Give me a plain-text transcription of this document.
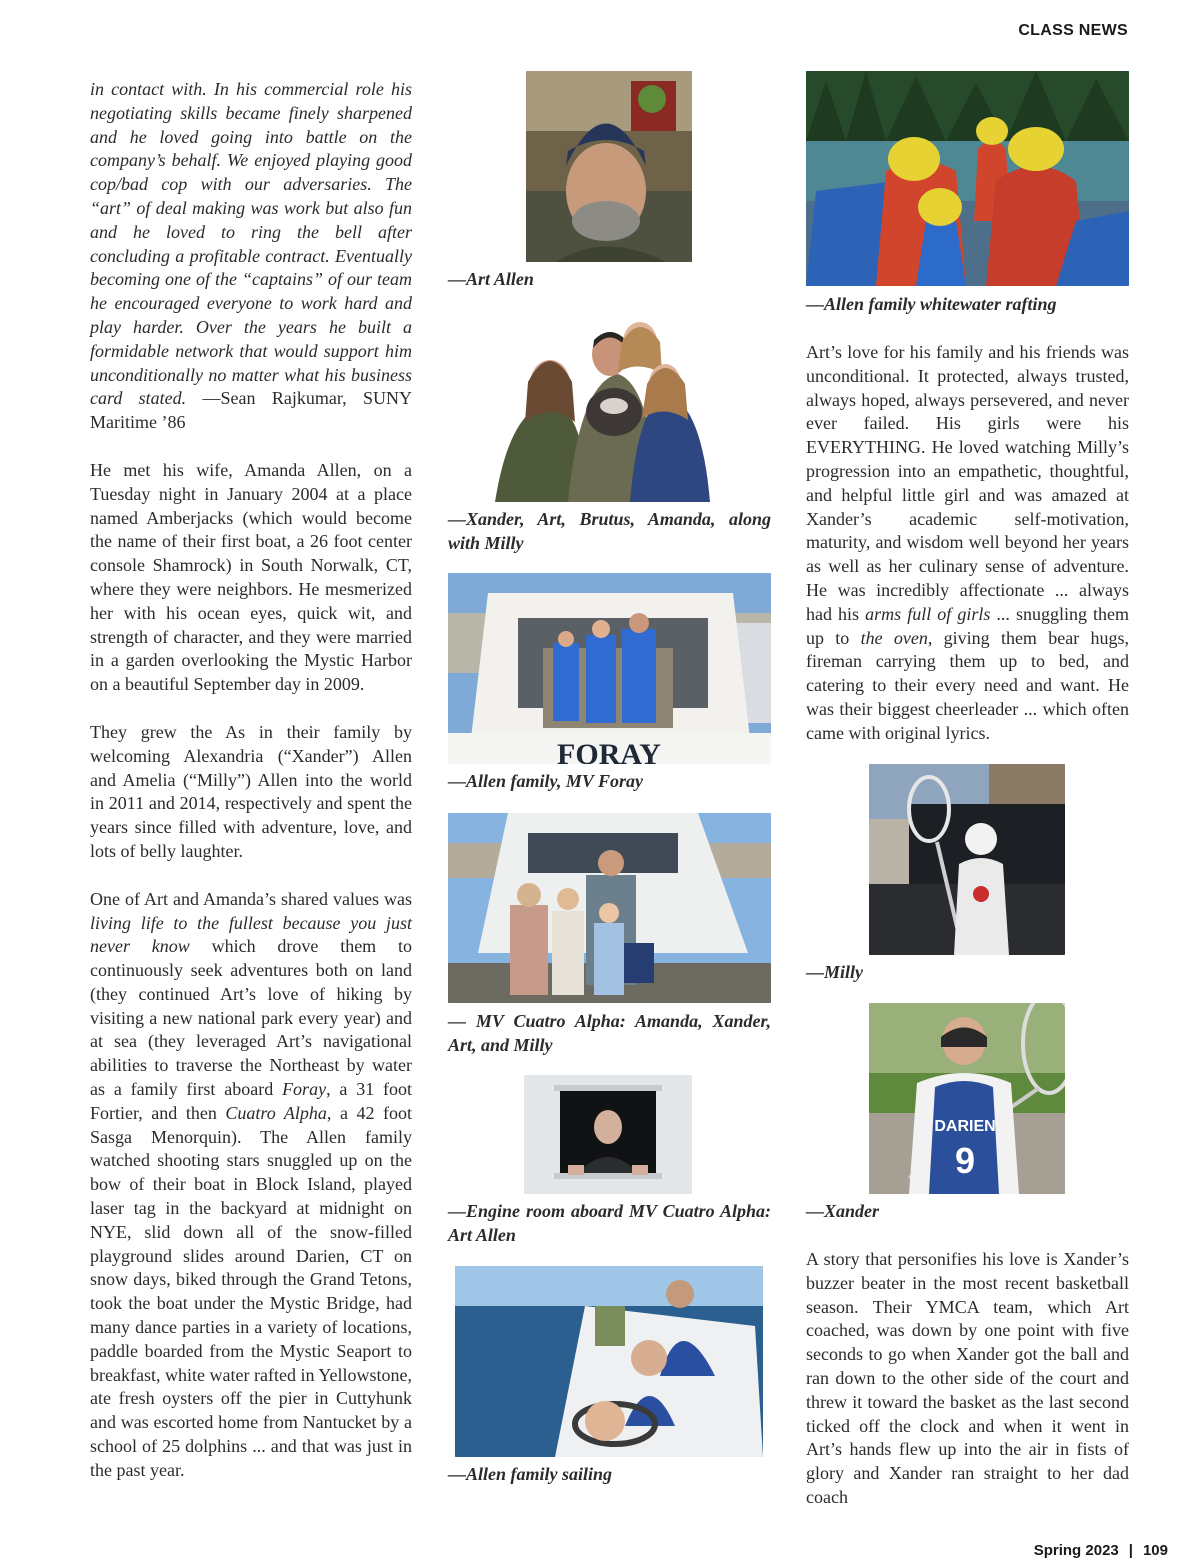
CLASS NEWS

in contact with. In his commercial role his negotiating skills became finely sharpened and he loved going into battle on the company’s behalf. We enjoyed playing good cop/bad cop with our adversaries. The “art” of deal making was work but also fun and he loved to ring the bell after concluding a profitable contract. Eventually becoming one of the “captains” of our team he encouraged everyone to work hard and play harder. Over the years he built a formidable network that would support him unconditionally no matter what his business card stated. —Sean Rajkumar, SUNY Maritime ’86

He met his wife, Amanda Allen, on a Tuesday night in January 2004 at a place named Amberjacks (which would become the name of their first boat, a 26 foot center console Shamrock) in South Norwalk, CT, where they were neighbors. He mesmerized her with his ocean eyes, quick wit, and strength of character, and they were married in a garden overlooking the Mystic Harbor on a beautiful September day in 2009.

They grew the As in their family by welcoming Alexandria (“Xander”) Allen and Amelia (“Milly”) Allen into the world in 2011 and 2014, respectively and spent the years since filled with adventure, love, and lots of belly laughter.

One of Art and Amanda’s shared values was living life to the fullest because you just never know which drove them to continuously seek adventures both on land (they continued Art’s love of hiking by visiting a new national park every year) and at sea (they leveraged Art’s navigational abilities to traverse the Northeast by water as a family first aboard Foray, a 31 foot Fortier, and then Cuatro Alpha, a 42 foot Sasga Menorquin). The Allen family watched shooting stars snuggled up on the bow of their boat in Block Island, played laser tag in the backyard at midnight on NYE, slid down all of the snow-filled playground slides around Darien, CT on snow days, biked through the Grand Tetons, took the boat under the Mystic Bridge, had many dance parties in a variety of locations, paddle boarded from the Mystic Seaport to breakfast, white water rafted in Yellowstone, ate fresh oysters off the pier in Cuttyhunk and was escorted home from Nantucket by a school of 25 dolphins ... and that was just in the past year.

—Art Allen
—Xander, Art, Brutus, Amanda, along with Milly
FORAY
—Allen family, MV Foray
— MV Cuatro Alpha: Amanda, Xander, Art, and Milly
—Engine room aboard MV Cuatro Alpha: Art Allen
—Allen family sailing
—Allen family whitewater rafting

Art’s love for his family and his friends was unconditional. It protected, always trusted, always hoped, always persevered, and never ever failed. His girls were his EVERYTHING. He loved watching Milly’s progression into an empathetic, thoughtful, and helpful little girl and was amazed at Xander’s academic self-motivation, maturity, and wisdom well beyond her years as well as her culinary sense of adventure. He was incredibly affectionate ... always had his arms full of girls ... snuggling them up to the oven, giving them bear hugs, fireman carrying them up to bed, and catering to their every need and want. He was their biggest cheerleader ... which often came with original lyrics.

—Milly
DARIEN
9
—Xander

A story that personifies his love is Xander’s buzzer beater in the most recent basketball season. Their YMCA team, which Art coached, was down by one point with five seconds to go when Xander got the ball and ran down to the other side of the court and threw it toward the basket as the last second ticked off the clock and when it went in Art’s hands flew up into the air in fists of glory and Xander ran straight to her dad coach

Spring 2023 | 109
